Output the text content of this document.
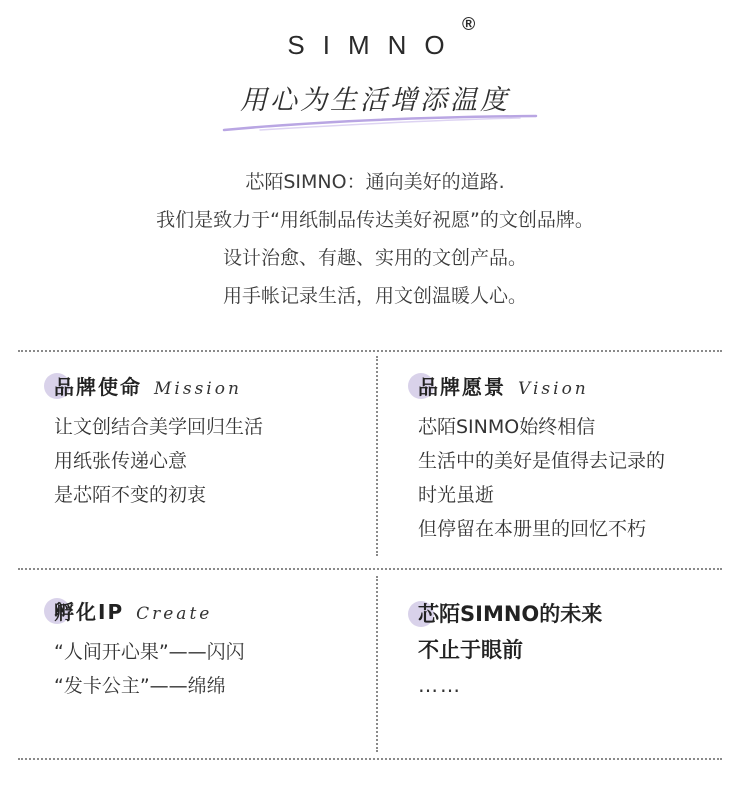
SIMNO
®
用心为生活增添温度
芯陌SIMNO：通向美好的道路.
我们是致力于“用纸制品传达美好祝愿”的文创品牌。
设计治愈、有趣、实用的文创产品。
用手帐记录生活，用文创温暖人心。
品牌使命 Mission
让文创结合美学回归生活
用纸张传递心意
是芯陌不变的初衷
品牌愿景 Vision
芯陌SINMO始终相信
生活中的美好是值得去记录的
时光虽逝
但停留在本册里的回忆不朽
孵化IP Create
“人间开心果”——闪闪
“发卡公主”——绵绵
芯陌SIMNO的未来
不止于眼前
……
